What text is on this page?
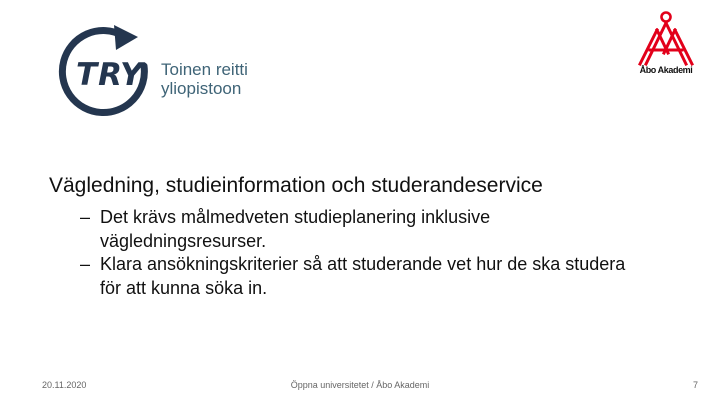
TRY Toinen reitti
yliopistoon
Åbo Akademi
Vägledning, studieinformation och studerandeservice
– Det krävs målmedveten studieplanering inklusive vägledningsresurser.
– Klara ansökningskriterier så att studerande vet hur de ska studera för att kunna söka in.
20.11.2020	Öppna universitetet / Åbo Akademi	7
